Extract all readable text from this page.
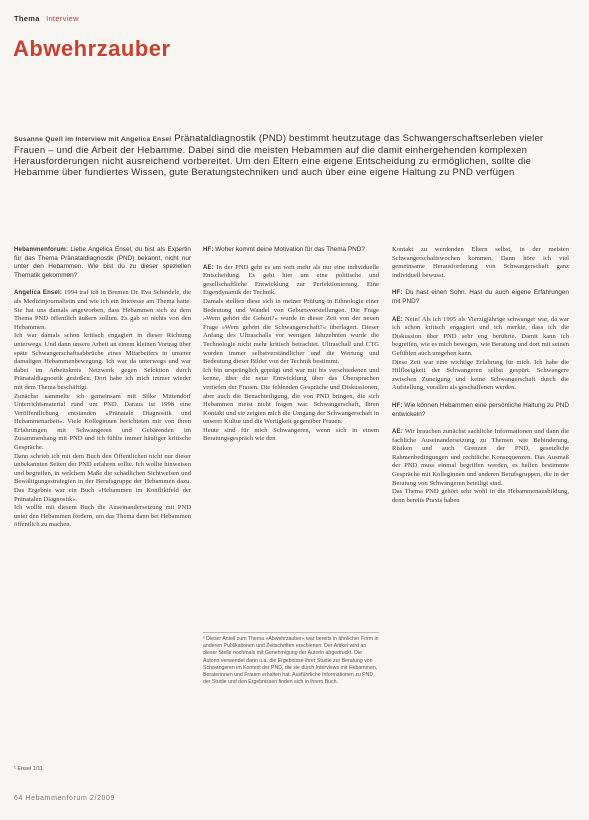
Thema Interview
Abwehrzauber
Susanne Quell im Interview mit Angelica Ensel Pränataldiagnostik (PND) bestimmt heutzutage das Schwangerschaftserleben vieler Frauen – und die Arbeit der Hebamme. Dabei sind die meisten Hebammen auf die damit einhergehenden komplexen Herausforderungen nicht ausreichend vorbereitet. Um den Eltern eine eigene Entscheidung zu ermöglichen, sollte die Hebamme über fundiertes Wissen, gute Beratungstechniken und auch über eine eigene Haltung zu PND verfügen

Hebammenforum: Liebe Angelica Ensel, du bist als Expertin für das Thema Pränataldiagnostik (PND) bekannt, nicht nur unter den Hebammen. Wie bist du zu dieser speziellen Thematik gekommen?

Angelica Ensel: 1994 traf ich in Bremen Dr. Eva Schindele, die als Medizinjournalistin und wie ich ein Interesse am Thema hatte. Sie hat uns damals angeworben, dass Hebammen sich zu dem Thema PND öffentlich äußern sollten. Es gab so nichts von den Hebammen.

Ich war damals schon kritisch engagiert in dieser Richtung unterwegs. Und dann unsere Arbeit an einem kleinen Vortrag über späte Schwangerschaftsabbrüche eines Mitarbeiters in unserer damaligen Hebammenbewegung. Ich war da unterwegs und war dabei im Arbeitskreis Netzwerk gegen Selektion durch Pränataldiagnostik gestoßen. Dort habe ich mich immer wieder mit dem Thema beschäftigt.

Zunächst sammelte ich gemeinsam mit Silke Mittendorf Unterrichtsmaterial rund um PND. Daraus ist 1998 eine Veröffentlichung entstanden »Pränatale Diagnostik und Hebammenarbeit«. Viele Kolleginnen berichteten mir von ihren Erfahrungen mit Schwangeren und Gebärenden im Zusammenhang mit PND und ich fühlte immer häufiger kritische Gespräche.

Dann schrieb ich mit dem Buch den Öffentlichen nicht nur dieser unbekannten Seiten der PND erfahren sollte. Ich wollte hinweisen und begreifen, in welchem Maße die schädlichen Sichtweisen und Bewältigungsstrategien in der Berufsgruppe der Hebammen dazu. Das Ergebnis war ein Buch »Hebammen im Konfliktfeld der Pränatalen Diagnostik«.

Ich wollte mit diesem Buch die Auseinandersetzung mit PND unter den Hebammen fördern, um das Thema dann bei Hebammen öffentlich zu machen.

¹ Ensel 1/11

HF: Woher kommt deine Motivation für das Thema PND?

AE: In der PND geht es um weit mehr als nur eine individuelle Entscheidung. Es geht hier um eine politische und gesellschaftliche Entwicklung zur Perfektionierung. Eine Eigendynamik der Technik.

Damals stellten diese sich in meiner Prüfung in Ethnologie einer Bedeutung und Wandel von Geburtsvorstellungen. Die Frage »Wem gehört die Geburt?« wurde in dieser Zeit von der neuen Frage »Wem gehört die Schwangerschaft?« überlagert. Dieser Anfang des Ultraschalls vor wenigen Jahrzehnten wurde die Technologie nicht mehr kritisch betrachtet. Ultraschall und CTG wurden immer selbstverständlicher und die Wertung und Bedeutung dieser Bilder von der Technik bestimmt.

Ich bin ursprünglich geprägt und war mit bis verschiedenen und kenne, über die neue Entwicklung über das Übersprachen vertiefen der Frauen. Die fehlenden Gespräche und Diskussionen, aber auch die Benachteiligung, die von PND bringen, die sich Hebammen meist nicht fragen war. Schwangerschaft, Ihren Kontakt und sie zeigten mich die Umgang der Schwangerschaft in unserer Kultur und die Wertigkeit gegenüber Frauen.

Heute sind für mich Schwangeren, wenn sich in einem Beratungsgespräch wie den

² Dieser Anteil zum Thema »Abwehrzauber« war bereits in ähnlicher Form in anderen Publikationen und Zeitschriften erschienen. Der Artikel wird an dieser Stelle nochmals mit Genehmigung der Autorin abgedruckt. Die Autorin verwendet darin u.a. die Ergebnisse ihrer Studie zur Beratung von Schwangeren im Kontext der PND, die sie durch Interviews mit Hebammen, Beraterinnen und Frauen erhalten hat. Ausführliche Informationen zu PND, der Studie und den Ergebnissen finden sich in ihrem Buch.

Kontakt zu werdenden Eltern selbst, in der meisten Schwangerschaftswochen kommen. Dann höre ich viel gemeinsame Herausforderung von Schwangerschaft ganz individuell bewusst.

HF: Du hast einen Sohn. Hast du auch eigene Erfahrungen mit PND?

AE: Nein! Als ich 1995 als Vierzigjährige schwanger war, da war ich schon kritisch engagiert und ich merkte, dass ich die Diskussion über PND sehr eng berührte. Damit kann ich begreifen, wie es mich bewegen, wie Beratung und dort mit seinen Gefühlen auch umgehen kann.

Diese Zeit war eine wichtige Erfahrung für mich. Ich habe die Hilflosigkeit der Schwangeren selbst gespürt. Schwangere zwischen Zuneigung und keine Schwangerschaft durch die Aufstellung, vorallen als geschaffenen werden.

HF: Wie können Hebammen eine persönliche Haltung zu PND entwickeln?

AE: Wir brauchen zunächst sachliche Informationen und dann die fachliche Auseinandersetzung zu Themen wie Behinderung, Risiken und auch Grenzen der PND, gesetzliche Rahmenbedingungen und rechtliche Konsequenzen. Das Ausmaß der PND muss einmal begriffen werden, es helfen bestimmte Gespräche mit Kolleginnen und anderen Berufsgruppen, die in der Beratung von Schwangeren beteiligt sind.

Das Thema PND gehört sehr wohl in die Hebammenausbildung, denn bereits Praxis haben

64 Hebammenforum 2/2009
